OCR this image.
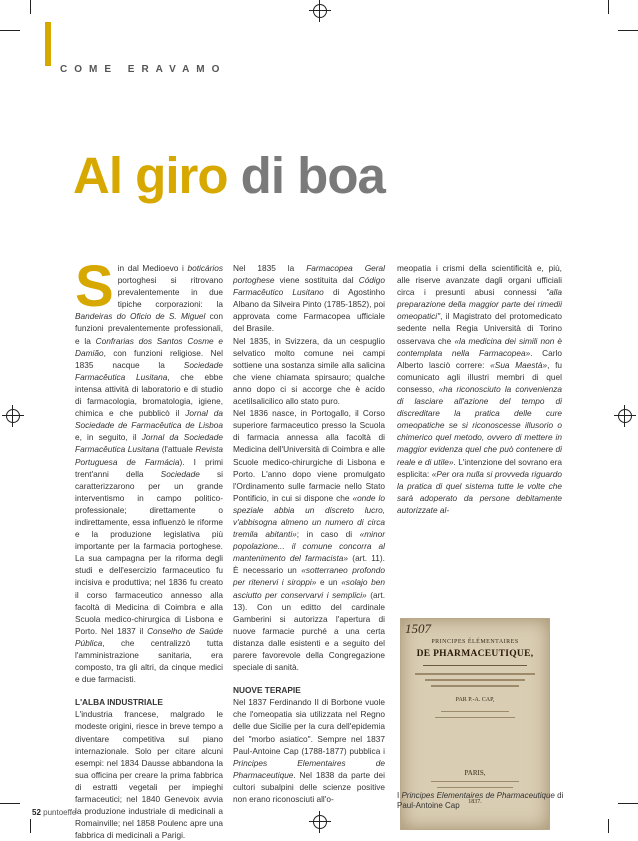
COME ERAVAMO
Al giro di boa

Sin dal Medioevo i boticários portoghesi si ritrovano prevalentemente in due tipiche corporazioni: la Bandeiras do Oficio de S. Miguel con funzioni prevalentemente professionali, e la Confrarias dos Santos Cosme e Damião, con funzioni religiose. Nel 1835 nacque la Sociedade Farmacêutica Lusitana, che ebbe intensa attività di laboratorio e di studio di farmacologia, bromatologia, igiene, chimica e che pubblicò il Jornal da Sociedade de Farmacêutica de Lisboa e, in seguito, il Jornal da Sociedade Farmacêutica Lusitana (l'attuale Revista Portuguesa de Farmácia). I primi trent'anni della Sociedade si caratterizzarono per un grande interventismo in campo politico-professionale; direttamente o indirettamente, essa influenzò le riforme e la produzione legislativa più importante per la farmacia portoghese. La sua campagna per la riforma degli studi e dell'esercizio farmaceutico fu incisiva e produttiva; nel 1836 fu creato il corso farmaceutico annesso alla facoltà di Medicina di Coimbra e alla Scuola medico-chirurgica di Lisbona e Porto. Nel 1837 il Conselho de Saúde Pública, che centralizzò tutta l'amministrazione sanitaria, era composto, tra gli altri, da cinque medici e due farmacisti.

L'ALBA INDUSTRIALE

L'industria francese, malgrado le modeste origini, riesce in breve tempo a diventare competitiva sul piano internazionale. Solo per citare alcuni esempi: nel 1834 Dausse abbandona la sua officina per creare la prima fabbrica di estratti vegetali per impieghi farmaceutici; nel 1840 Genevoix avvia la produzione industriale di medicinali a Romainville; nel 1858 Poulenc apre una fabbrica di medicinali a Parigi.

Nel 1835 la Farmacopea Geral portoghese viene sostituita dal Código Farmacêutico Lusitano di Agostinho Albano da Silveira Pinto (1785-1852), poi approvata come Farmacopea ufficiale del Brasile.

Nel 1835, in Svizzera, da un cespuglio selvatico molto comune nei campi sottiene una sostanza simile alla salicina che viene chiamata spirsauro; qualche anno dopo ci si accorge che è acido acetilsalicilico allo stato puro.

Nel 1836 nasce, in Portogallo, il Corso superiore farmaceutico presso la Scuola di farmacia annessa alla facoltà di Medicina dell'Università di Coimbra e alle Scuole medico-chirurgiche di Lisbona e Porto. L'anno dopo viene promulgato l'Ordinamento sulle farmacie nello Stato Pontificio, in cui si dispone che «onde lo speziale abbia un discreto lucro, v'abbisogna almeno un numero di circa tremila abitanti»; in caso di «minor popolazione... il comune concorra al mantenimento del farmacista» (art. 11). È necessario un «sotterraneo profondo per ritenervi i siroppi» e un «solajo ben asciutto per conservarvi i semplici» (art. 13). Con un editto del cardinale Gamberini si autorizza l'apertura di nuove farmacie purché a una certa distanza dalle esistenti e a seguito del parere favorevole della Congregazione speciale di sanità.

NUOVE TERAPIE

Nel 1837 Ferdinando II di Borbone vuole che l'omeopatia sia utilizzata nel Regno delle due Sicilie per la cura dell'epidemia del "morbo asiatico". Sempre nel 1837 Paul-Antoine Cap (1788-1877) pubblica i Principes Elementaires de Pharmaceutique. Nel 1838 da parte dei cultori subalpini delle scienze positive non erano riconosciuti all'o-

meopatia i crismi della scientificità e, più, alle riserve avanzate dagli organi ufficiali circa i presunti abusi connessi "alla preparazione della maggior parte dei rimedii omeopatici", il Magistrato del protomedicato sedente nella Regia Università di Torino osservava che «la medicina dei simili non è contemplata nella Farmacopea». Carlo Alberto lasciò correre: «Sua Maestà», fu comunicato agli illustri membri di quel consesso, «ha riconosciuto la convenienza di lasciare all'azione del tempo di discreditare la pratica delle cure omeopatiche se si riconoscesse illusorio o chimerico quel metodo, ovvero di mettere in maggior evidenza quel che può contenere di reale e di utile». L'intenzione del sovrano era esplicita: «Per ora nulla si provveda riguardo la pratica di quel sistema tutte le volte che sarà adoperato da persone debitamente autorizzate al-

1507
PRINCIPES ÉLÉMENTAIRES
DE PHARMACEUTIQUE,
PAR P.-A. CAP,
PARIS,
1837.
I Principes Elementaires de Pharmaceutique di Paul-Antoine Cap
52 puntoeffe
